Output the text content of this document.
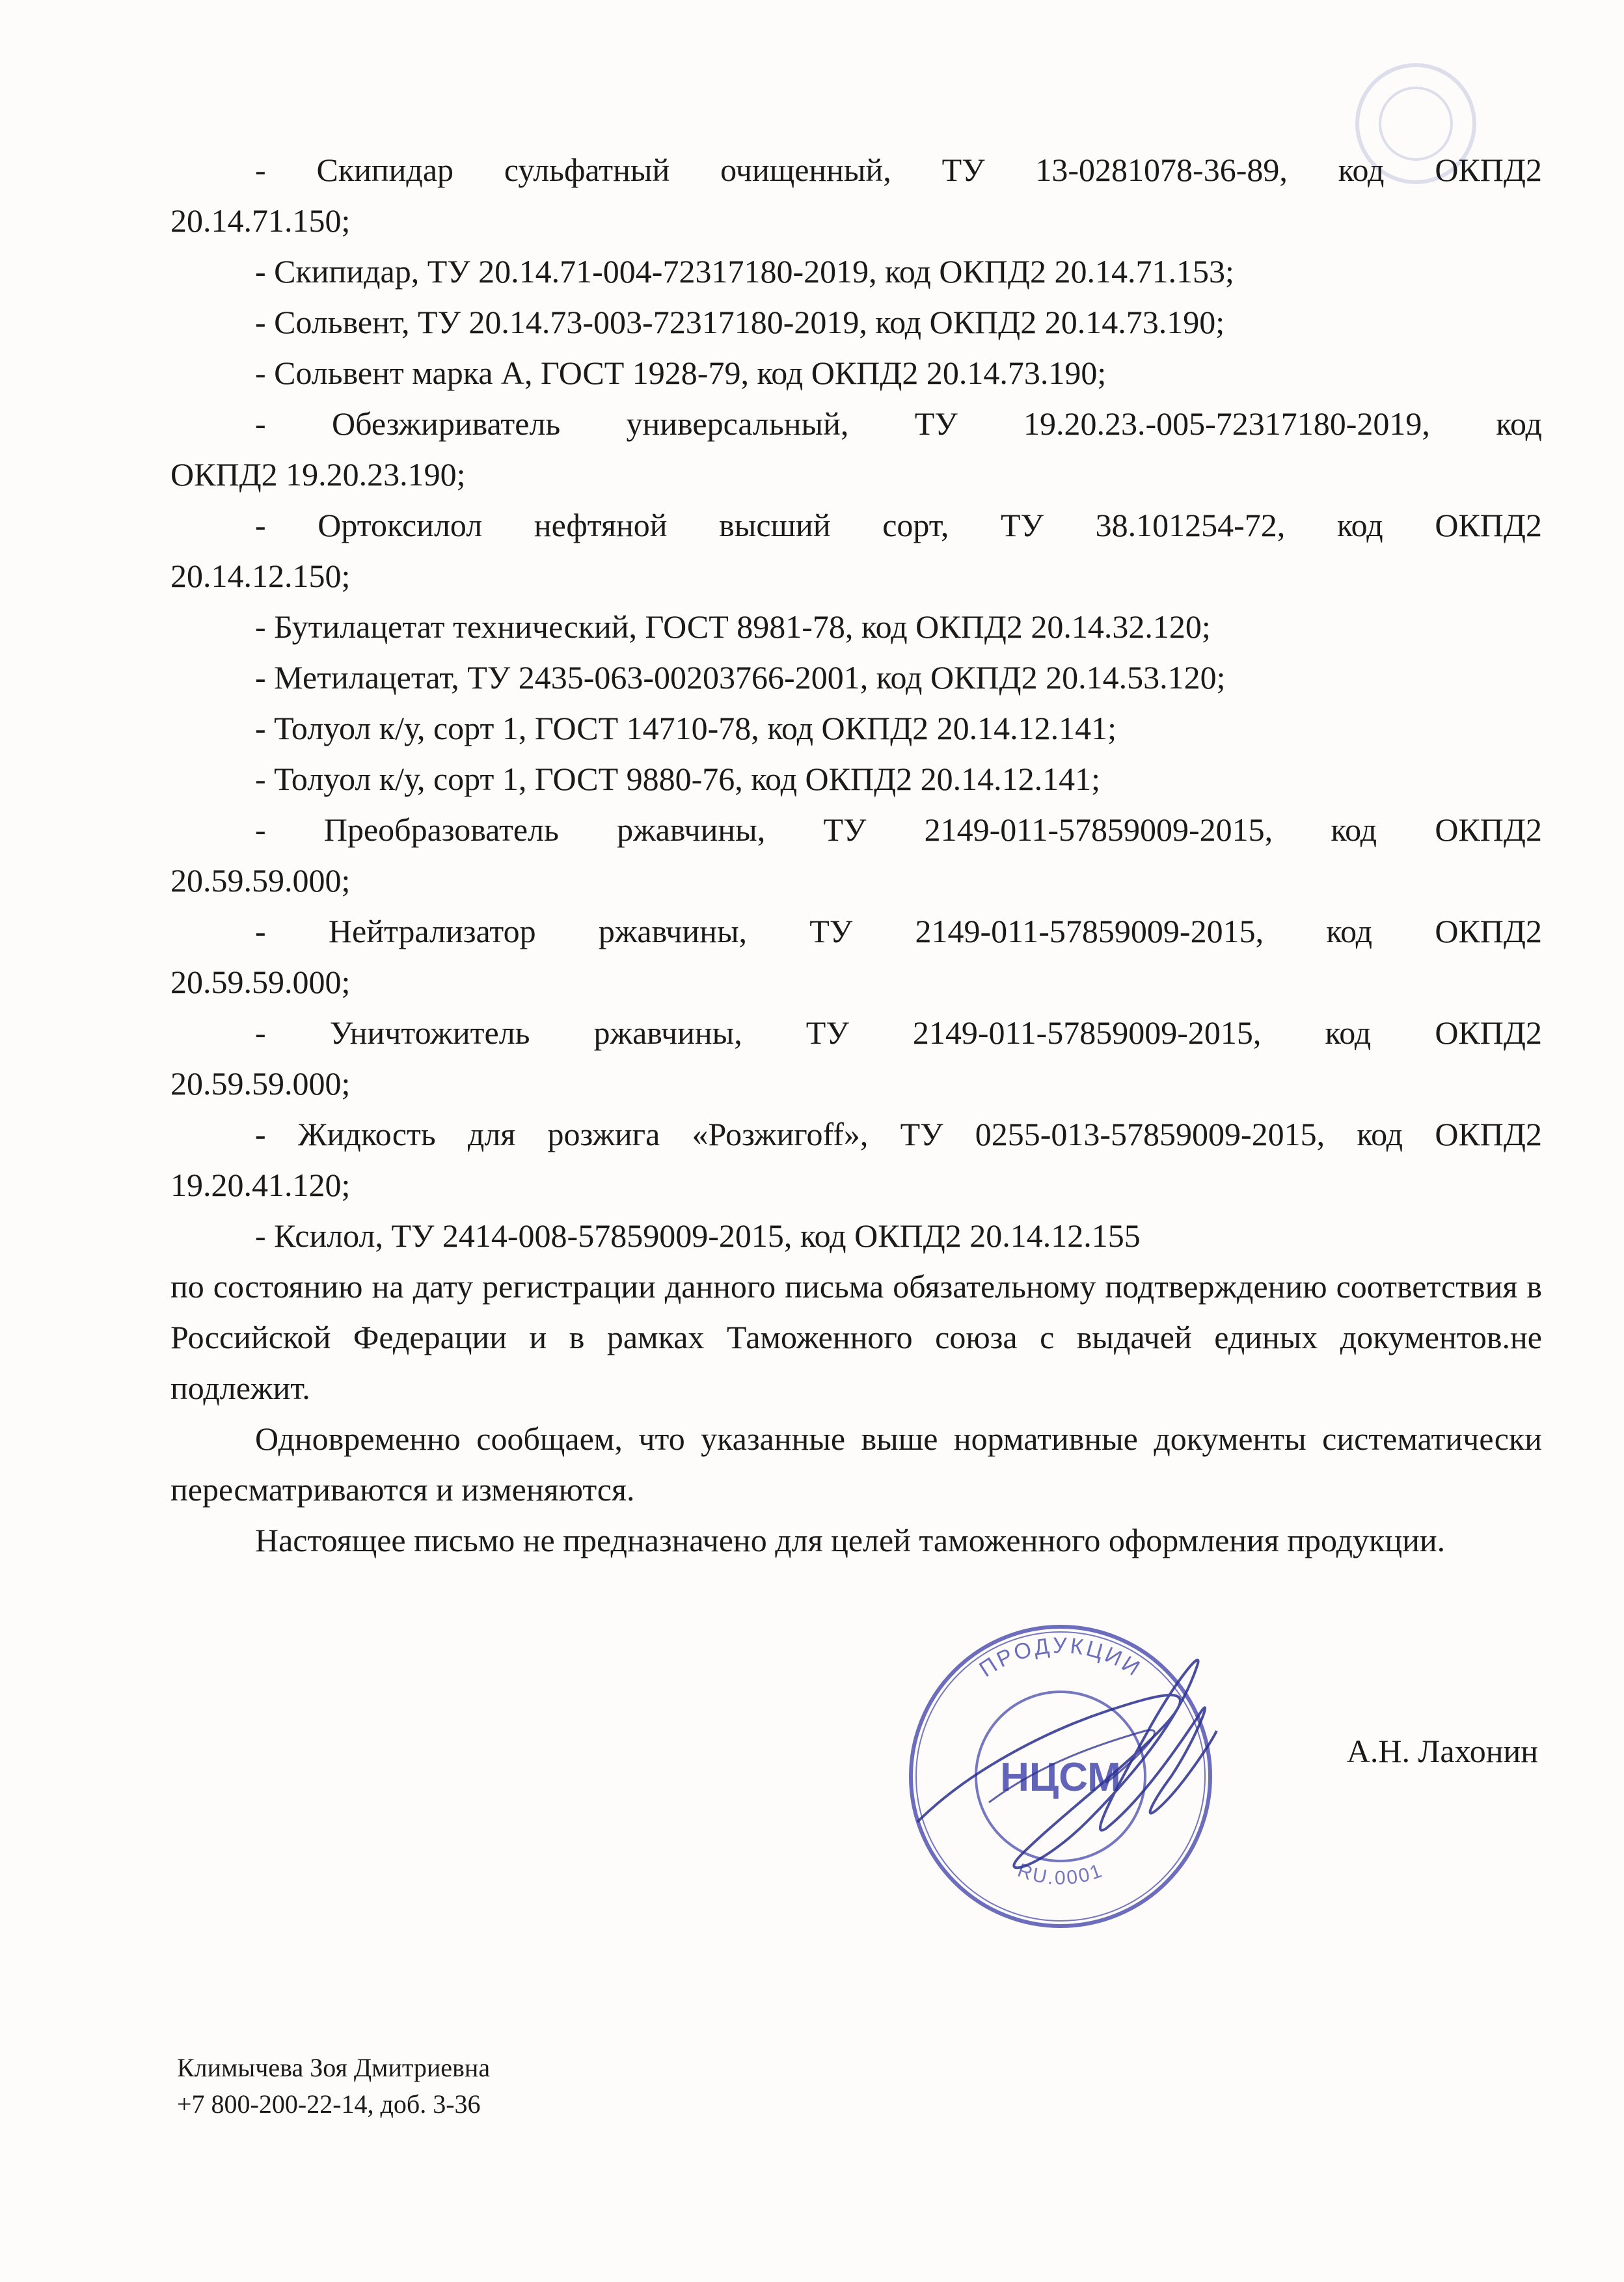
- Скипидар сульфатный очищенный, ТУ 13-0281078-36-89, код ОКПД2
20.14.71.150;
- Скипидар, ТУ 20.14.71-004-72317180-2019, код ОКПД2 20.14.71.153;
- Сольвент, ТУ 20.14.73-003-72317180-2019, код ОКПД2 20.14.73.190;
- Сольвент марка А, ГОСТ 1928-79, код ОКПД2 20.14.73.190;
- Обезжириватель универсальный, ТУ 19.20.23.-005-72317180-2019, код
ОКПД2 19.20.23.190;
- Ортоксилол нефтяной высший сорт, ТУ 38.101254-72, код ОКПД2
20.14.12.150;
- Бутилацетат технический, ГОСТ 8981-78, код ОКПД2 20.14.32.120;
- Метилацетат, ТУ 2435-063-00203766-2001, код ОКПД2 20.14.53.120;
- Толуол к/у, сорт 1, ГОСТ 14710-78, код ОКПД2 20.14.12.141;
- Толуол к/у, сорт 1, ГОСТ 9880-76, код ОКПД2 20.14.12.141;
- Преобразователь ржавчины, ТУ 2149-011-57859009-2015, код ОКПД2
20.59.59.000;
- Нейтрализатор ржавчины, ТУ 2149-011-57859009-2015, код ОКПД2
20.59.59.000;
- Уничтожитель ржавчины, ТУ 2149-011-57859009-2015, код ОКПД2
20.59.59.000;
- Жидкость для розжига «Розжигоff», ТУ 0255-013-57859009-2015, код ОКПД2
19.20.41.120;
- Ксилол, ТУ 2414-008-57859009-2015, код ОКПД2 20.14.12.155

по состоянию на дату регистрации данного письма обязательному подтверждению соответствия в Российской Федерации и в рамках Таможенного союза с выдачей единых документов.не подлежит.

Одновременно сообщаем, что указанные выше нормативные документы систематически пересматриваются и изменяются.

Настоящее письмо не предназначено для целей таможенного оформления продукции.

ПРОДУКЦИИ
RU.0001
НЦСМ
А.Н. Лахонин
Климычева Зоя Дмитриевна
+7 800-200-22-14, доб. 3-36
